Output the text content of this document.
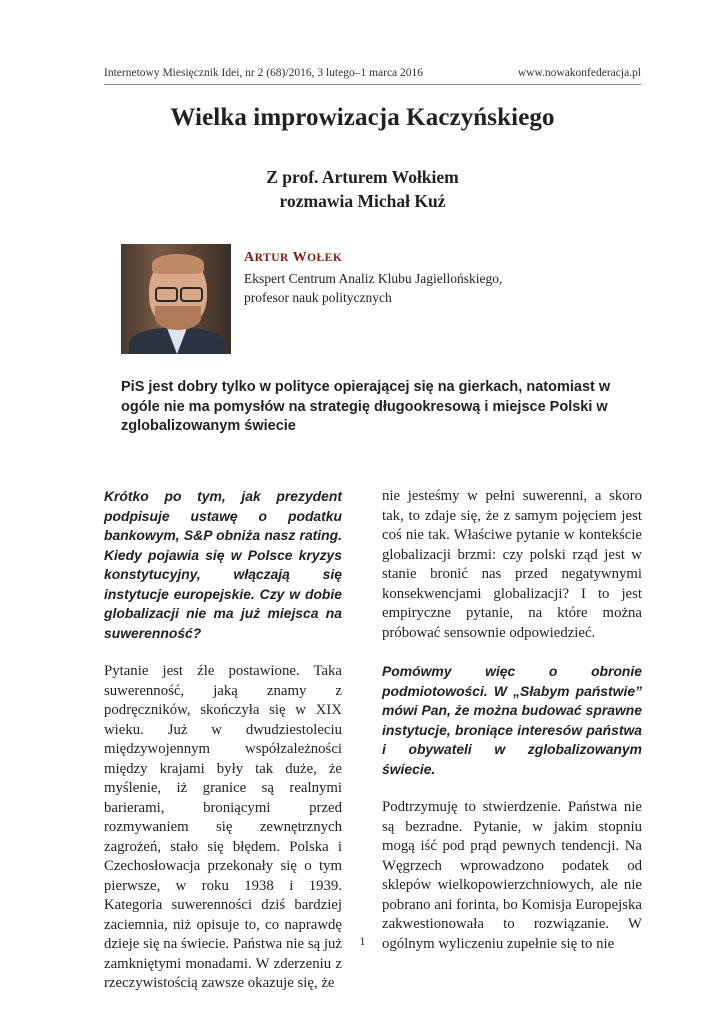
Internetowy Miesięcznik Idei, nr 2 (68)/2016, 3 lutego–1 marca 2016	www.nowakonfederacja.pl
Wielka improwizacja Kaczyńskiego
Z prof. Arturem Wołkiem
rozmawia Michał Kuź
ARTUR WOŁEK
Ekspert Centrum Analiz Klubu Jagiellońskiego,
profesor nauk politycznych
PiS jest dobry tylko w polityce opierającej się na gierkach, natomiast w ogóle nie ma pomysłów na strategię długookresową i miejsce Polski w zglobalizowanym świecie

Krótko po tym, jak prezydent podpisuje ustawę o podatku bankowym, S&P obniża nasz rating. Kiedy pojawia się w Polsce kryzys konstytucyjny, włączają się instytucje europejskie. Czy w dobie globalizacji nie ma już miejsca na suwerenność?

Pytanie jest źle postawione. Taka suwerenność, jaką znamy z podręczników, skończyła się w XIX wieku. Już w dwudziestoleciu międzywojennym współzależności między krajami były tak duże, że myślenie, iż granice są realnymi barierami, broniącymi przed rozmywaniem się zewnętrznych zagrożeń, stało się błędem. Polska i Czechosłowacja przekonały się o tym pierwsze, w roku 1938 i 1939. Kategoria suwerenności dziś bardziej zaciemnia, niż opisuje to, co naprawdę dzieje się na świecie. Państwa nie są już zamkniętymi monadami. W zderzeniu z rzeczywistością zawsze okazuje się, że

nie jesteśmy w pełni suwerenni, a skoro tak, to zdaje się, że z samym pojęciem jest coś nie tak. Właściwe pytanie w kontekście globalizacji brzmi: czy polski rząd jest w stanie bronić nas przed negatywnymi konsekwencjami globalizacji? I to jest empiryczne pytanie, na które można próbować sensownie odpowiedzieć.

Pomówmy więc o obronie podmiotowości. W „Słabym państwie” mówi Pan, że można budować sprawne instytucje, broniące interesów państwa i obywateli w zglobalizowanym świecie.

Podtrzymuję to stwierdzenie. Państwa nie są bezradne. Pytanie, w jakim stopniu mogą iść pod prąd pewnych tendencji. Na Węgrzech wprowadzono podatek od sklepów wielkopowierzchniowych, ale nie pobrano ani forinta, bo Komisja Europejska zakwestionowała to rozwiązanie. W ogólnym wyliczeniu zupełnie się to nie

1
